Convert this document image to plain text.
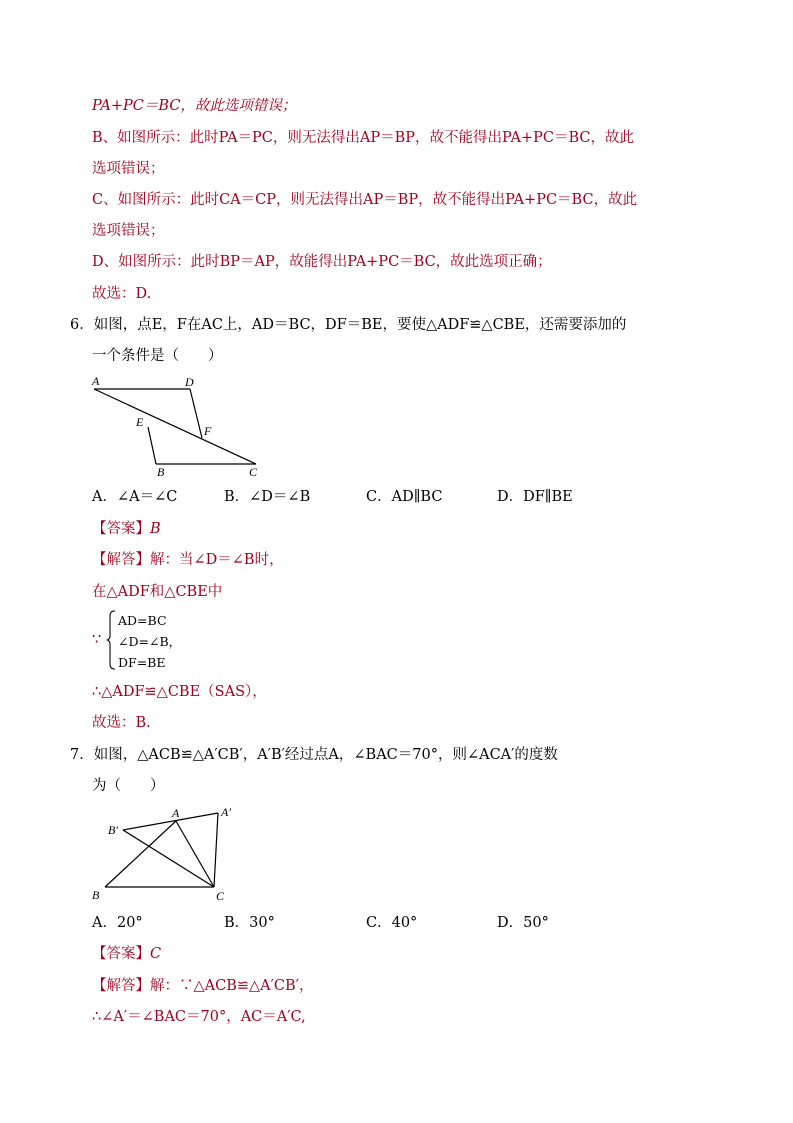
PA+PC＝BC，故此选项错误；
B、如图所示：此时PA＝PC，则无法得出AP＝BP，故不能得出PA+PC＝BC，故此
选项错误；
C、如图所示：此时CA＝CP，则无法得出AP＝BP，故不能得出PA+PC＝BC，故此
选项错误；
D、如图所示：此时BP＝AP，故能得出PA+PC＝BC，故此选项正确；
故选：D.
6．如图，点E，F在AC上，AD＝BC，DF＝BE，要使△ADF≌△CBE，还需要添加的
一个条件是（　　）
A	D
E
F
B	C
A．∠A＝∠C	B．∠D＝∠B	C．AD∥BC	D．DF∥BE
【答案】B
【解答】解：当∠D＝∠B时，
在△ADF和△CBE中
∵
AD=BC
∠D=∠B，
DF=BE
∴△ADF≌△CBE（SAS），
故选：B.
7．如图，△ACB≌△A′CB′，A′B′经过点A，∠BAC＝70°，则∠ACA′的度数
为（　　）
B′
A	A′
B	C
A．20°	B．30°	C．40°	D．50°
【答案】C
【解答】解：∵△ACB≌△A′CB′，
∴∠A′＝∠BAC＝70°，AC＝A′C,
